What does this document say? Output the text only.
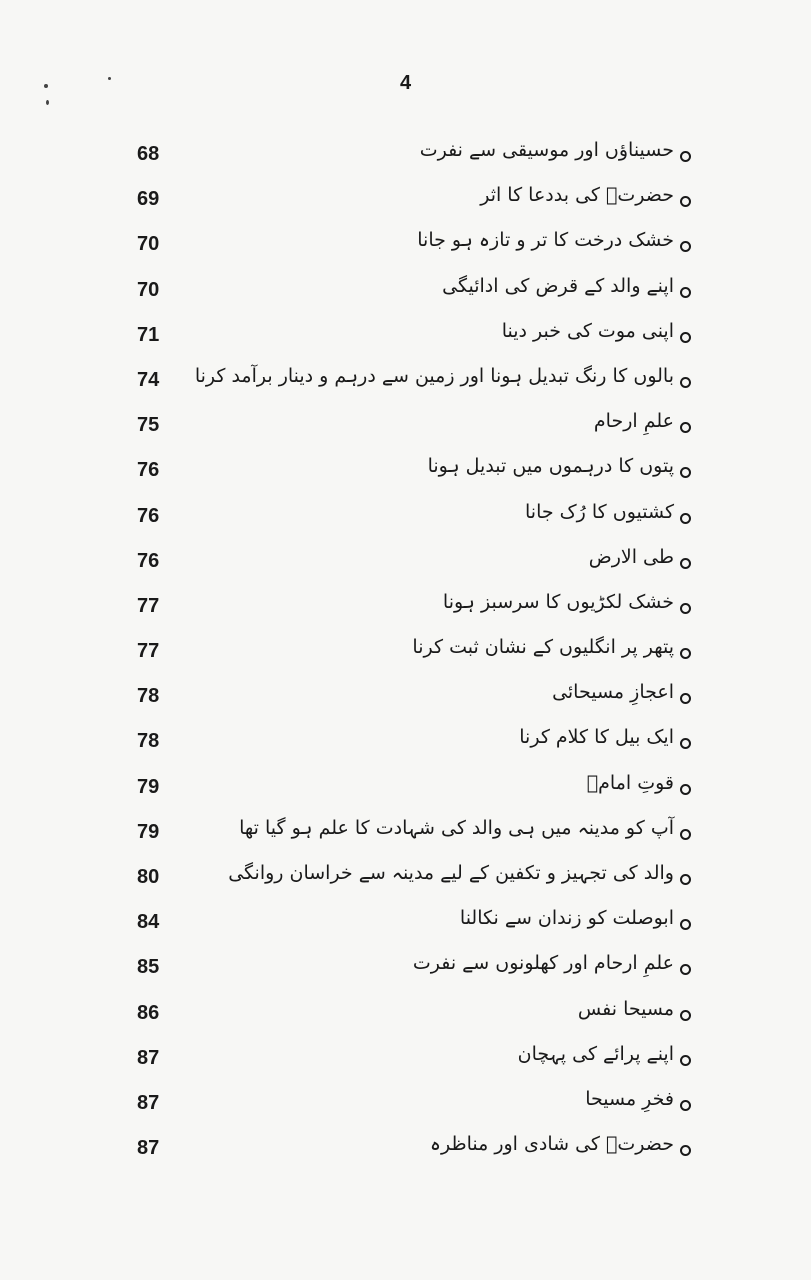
4
68	حسیناؤں اور موسیقی سے نفرت
69	حضرتؑ کی بددعا کا اثر
70	خشک درخت کا تر و تازہ ہو جانا
70	اپنے والد کے قرض کی ادائیگی
71	اپنی موت کی خبر دینا
74 بالوں کا رنگ تبدیل ہونا اور زمین سے درہم و دینار برآمد کرنا
75	علمِ ارحام
76	پتوں کا درہموں میں تبدیل ہونا
76	کشتیوں کا رُک جانا
76	طی الارض
77	خشک لکڑیوں کا سرسبز ہونا
77	پتھر پر انگلیوں کے نشان ثبت کرنا
78	اعجازِ مسیحائی
78	ایک بیل کا کلام کرنا
79	قوتِ امامؑ
79	آپ کو مدینہ میں ہی والد کی شہادت کا علم ہو گیا تھا
80	والد کی تجہیز و تکفین کے لیے مدینہ سے خراسان روانگی
84	ابوصلت کو زندان سے نکالنا
85	علمِ ارحام اور کھلونوں سے نفرت
86	مسیحا نفس
87	اپنے پرائے کی پہچان
87	فخرِ مسیحا
87	حضرتؑ کی شادی اور مناظرہ
